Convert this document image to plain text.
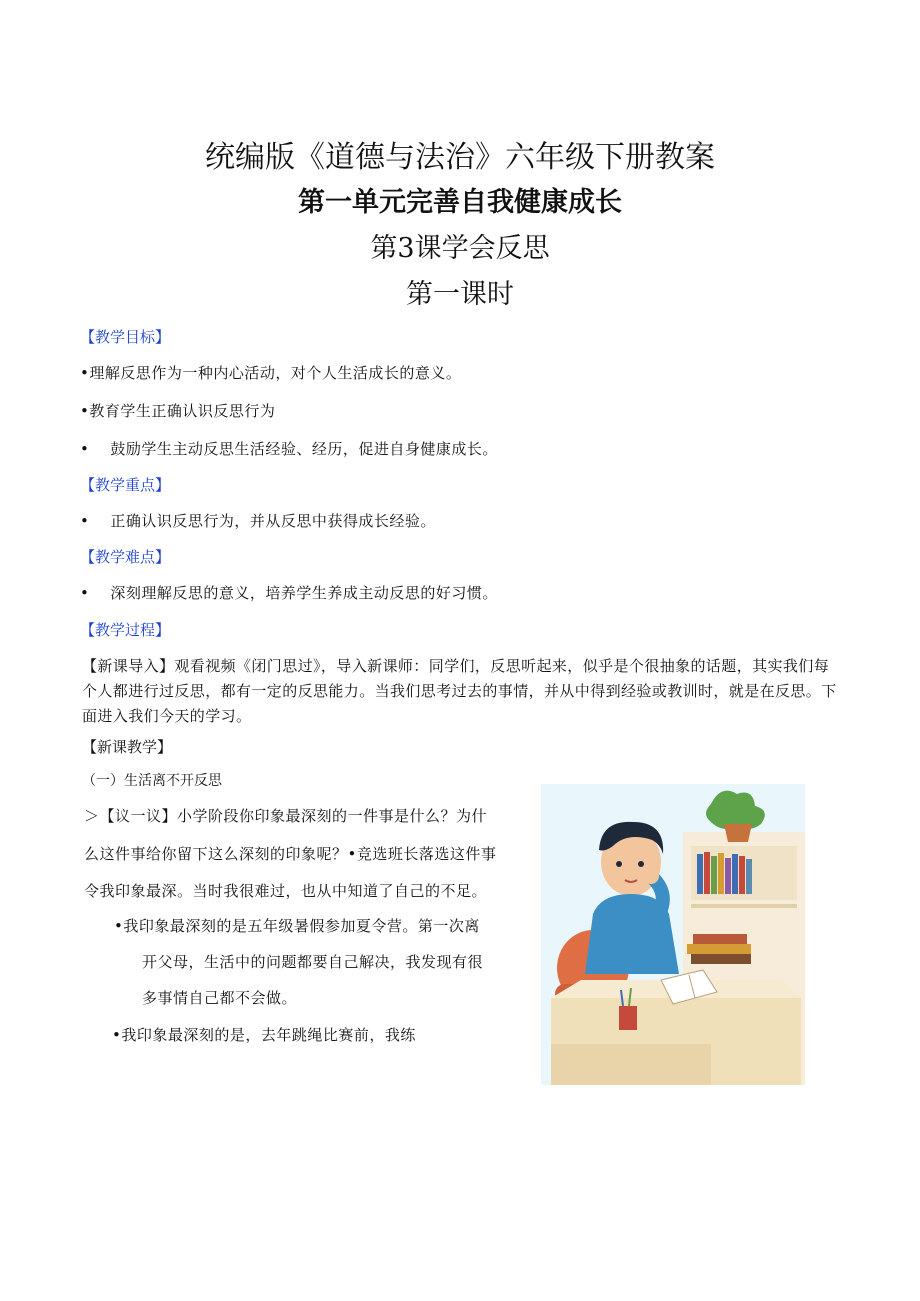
统编版《道德与法治》六年级下册教案
第一单元完善自我健康成长
第3课学会反思
第一课时
【教学目标】
•理解反思作为一种内心活动，对个人生活成长的意义。
•教育学生正确认识反思行为
•    鼓励学生主动反思生活经验、经历，促进自身健康成长。
【教学重点】
•    正确认识反思行为，并从反思中获得成长经验。
【教学难点】
•    深刻理解反思的意义，培养学生养成主动反思的好习惯。
【教学过程】
【新课导入】观看视频《闭门思过》，导入新课师：同学们，反思听起来，似乎是个很抽象的话题，其实我们每个人都进行过反思，都有一定的反思能力。当我们思考过去的事情，并从中得到经验或教训时，就是在反思。下面进入我们今天的学习。
【新课教学】
（一）生活离不开反思
＞【议一议】小学阶段你印象最深刻的一件事是什么？为什
么这件事给你留下这么深刻的印象呢？•竞选班长落选这件事
令我印象最深。当时我很难过，也从中知道了自己的不足。
•我印象最深刻的是五年级暑假参加夏令营。第一次离
开父母，生活中的问题都要自己解决，我发现有很
多事情自己都不会做。
•我印象最深刻的是，去年跳绳比赛前，我练
